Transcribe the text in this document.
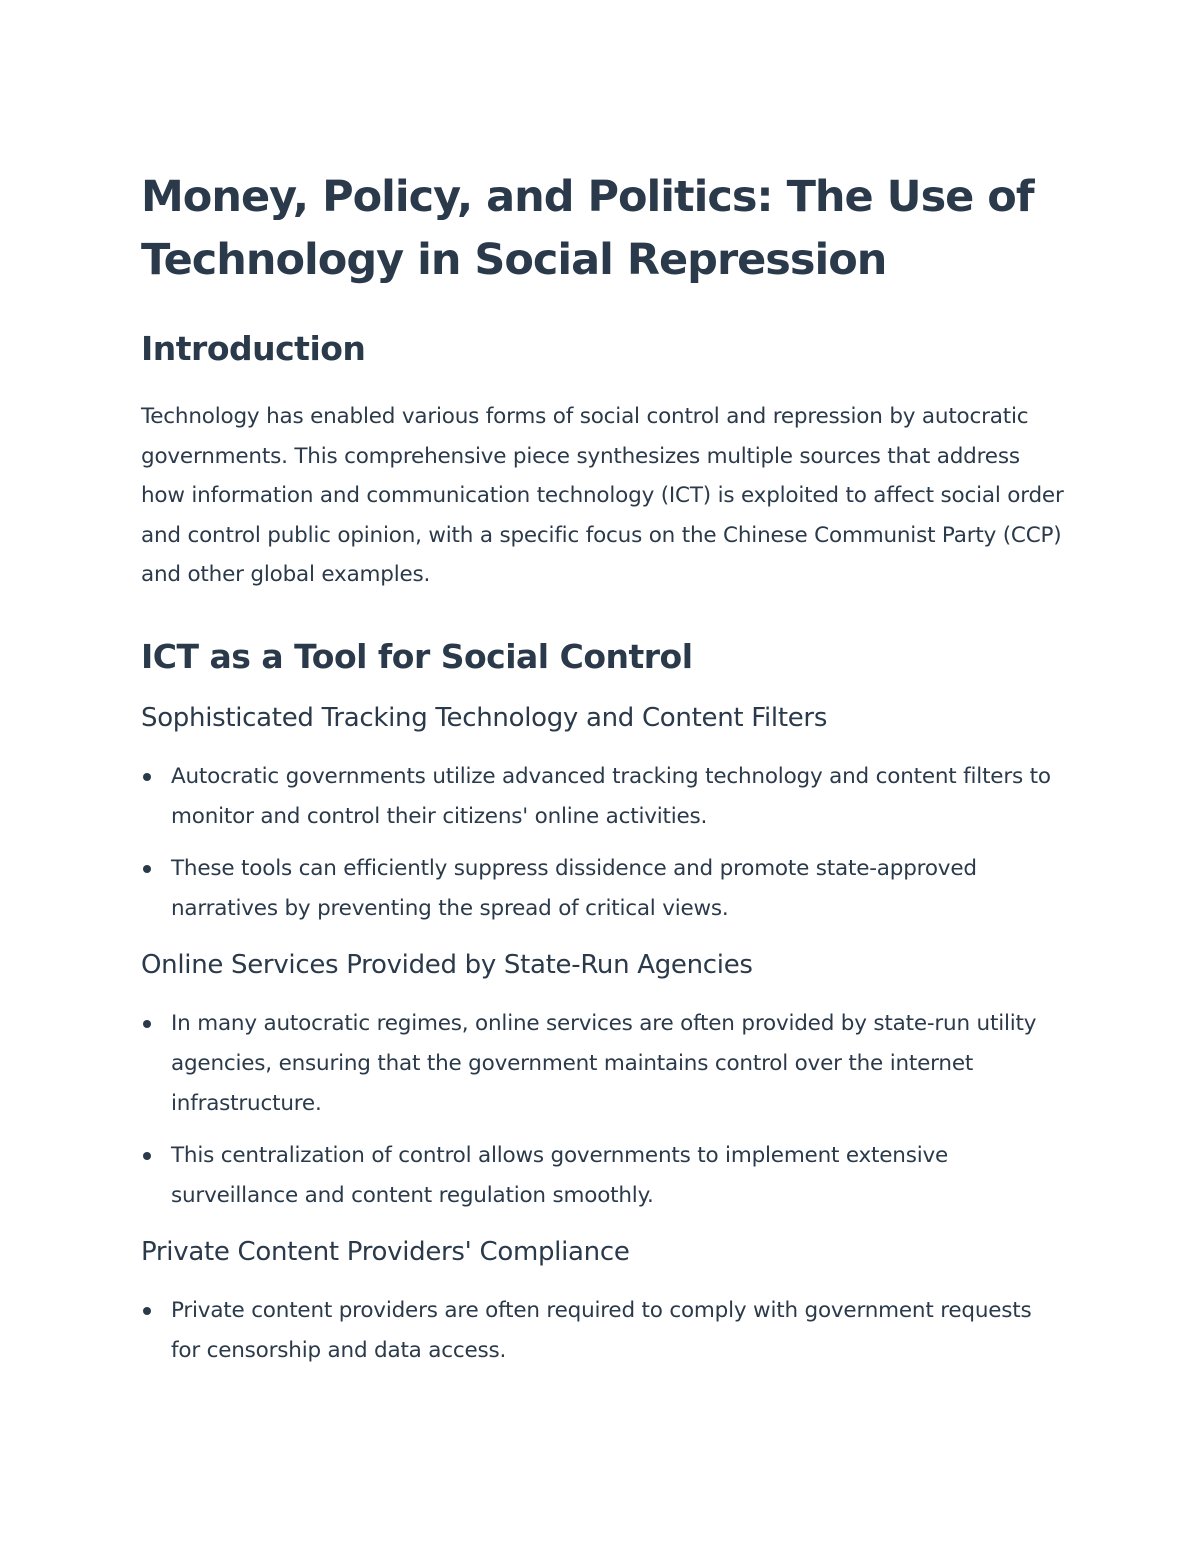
Money, Policy, and Politics: The Use of Technology in Social Repression
Introduction

Technology has enabled various forms of social control and repression by autocratic governments. This comprehensive piece synthesizes multiple sources that address how information and communication technology (ICT) is exploited to affect social order and control public opinion, with a specific focus on the Chinese Communist Party (CCP) and other global examples.

ICT as a Tool for Social Control
Sophisticated Tracking Technology and Content Filters
Autocratic governments utilize advanced tracking technology and content filters to monitor and control their citizens' online activities.
These tools can efficiently suppress dissidence and promote state-approved narratives by preventing the spread of critical views.
Online Services Provided by State-Run Agencies
In many autocratic regimes, online services are often provided by state-run utility agencies, ensuring that the government maintains control over the internet infrastructure.
This centralization of control allows governments to implement extensive surveillance and content regulation smoothly.
Private Content Providers' Compliance
Private content providers are often required to comply with government requests for censorship and data access.
